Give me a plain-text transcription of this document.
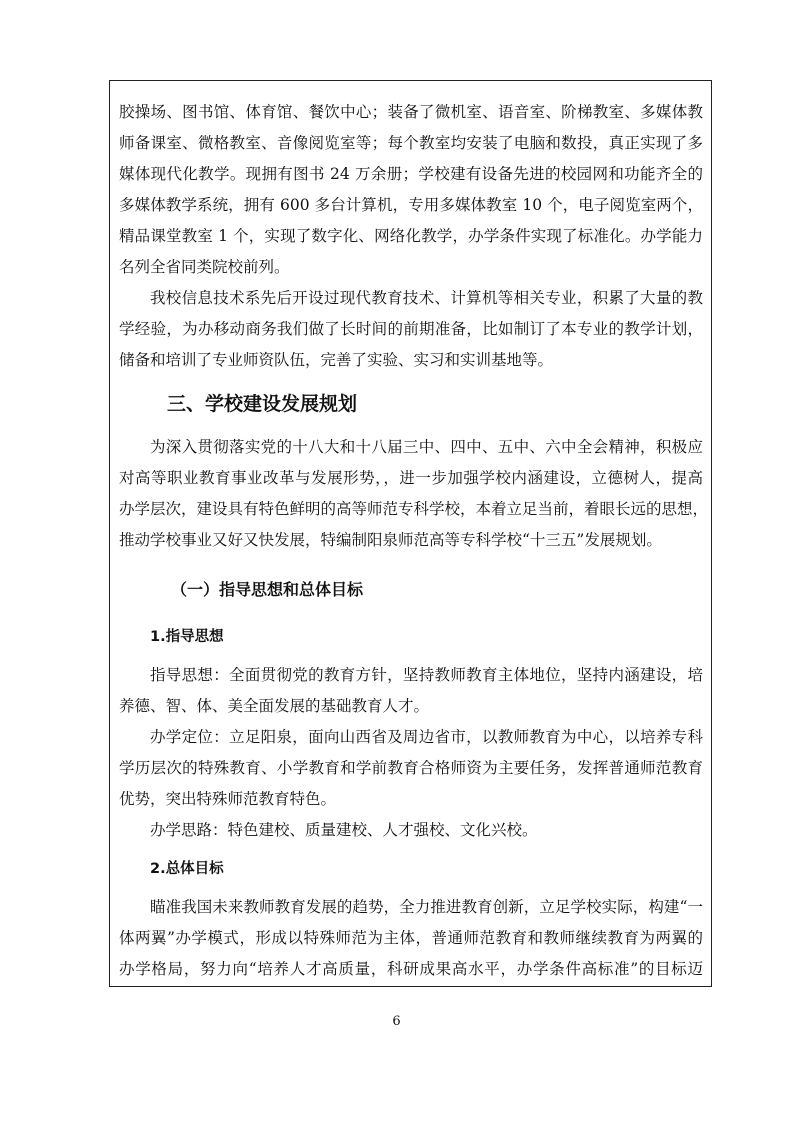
胶操场、图书馆、体育馆、餐饮中心；装备了微机室、语音室、阶梯教室、多媒体教
师备课室、微格教室、音像阅览室等；每个教室均安装了电脑和数投，真正实现了多
媒体现代化教学。现拥有图书 24 万余册；学校建有设备先进的校园网和功能齐全的
多媒体教学系统，拥有 600 多台计算机，专用多媒体教室 10 个，电子阅览室两个，
精品课堂教室 1 个，实现了数字化、网络化教学，办学条件实现了标准化。办学能力
名列全省同类院校前列。
我校信息技术系先后开设过现代教育技术、计算机等相关专业，积累了大量的教
学经验，为办移动商务我们做了长时间的前期准备，比如制订了本专业的教学计划，
储备和培训了专业师资队伍，完善了实验、实习和实训基地等。
三、学校建设发展规划
为深入贯彻落实党的十八大和十八届三中、四中、五中、六中全会精神，积极应
对高等职业教育事业改革与发展形势，，进一步加强学校内涵建设，立德树人，提高
办学层次，建设具有特色鲜明的高等师范专科学校，本着立足当前，着眼长远的思想，
推动学校事业又好又快发展，特编制阳泉师范高等专科学校“十三五”发展规划。
（一）指导思想和总体目标
1.指导思想
指导思想：全面贯彻党的教育方针，坚持教师教育主体地位，坚持内涵建设，培
养德、智、体、美全面发展的基础教育人才。
办学定位：立足阳泉，面向山西省及周边省市，以教师教育为中心，以培养专科
学历层次的特殊教育、小学教育和学前教育合格师资为主要任务，发挥普通师范教育
优势，突出特殊师范教育特色。
办学思路：特色建校、质量建校、人才强校、文化兴校。
2.总体目标
瞄准我国未来教师教育发展的趋势，全力推进教育创新，立足学校实际，构建“一
体两翼”办学模式，形成以特殊师范为主体，普通师范教育和教师继续教育为两翼的
办学格局，努力向“培养人才高质量，科研成果高水平，办学条件高标准”的目标迈
6
